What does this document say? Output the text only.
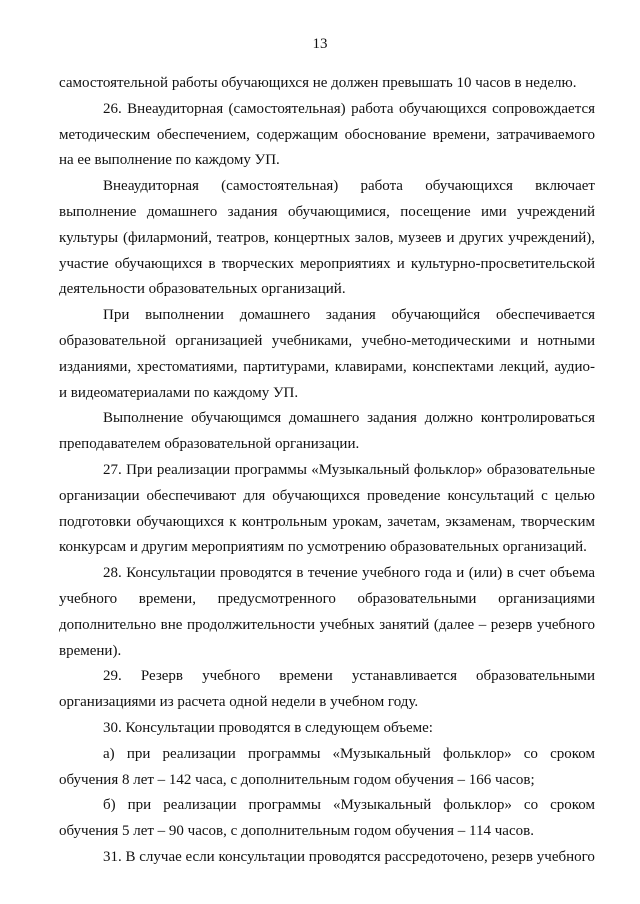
13

самостоятельной работы обучающихся не должен превышать 10 часов в неделю.

26. Внеаудиторная (самостоятельная) работа обучающихся сопровождается методическим обеспечением, содержащим обоснование времени, затрачиваемого на ее выполнение по каждому УП.

Внеаудиторная (самостоятельная) работа обучающихся включает выполнение домашнего задания обучающимися, посещение ими учреждений культуры (филармоний, театров, концертных залов, музеев и других учреждений), участие обучающихся в творческих мероприятиях и культурно-просветительской деятельности образовательных организаций.

При выполнении домашнего задания обучающийся обеспечивается образовательной организацией учебниками, учебно-методическими и нотными изданиями, хрестоматиями, партитурами, клавирами, конспектами лекций, аудио- и видеоматериалами по каждому УП.

Выполнение обучающимся домашнего задания должно контролироваться преподавателем образовательной организации.

27. При реализации программы «Музыкальный фольклор» образовательные организации обеспечивают для обучающихся проведение консультаций с целью подготовки обучающихся к контрольным урокам, зачетам, экзаменам, творческим конкурсам и другим мероприятиям по усмотрению образовательных организаций.

28. Консультации проводятся в течение учебного года и (или) в счет объема учебного времени, предусмотренного образовательными организациями дополнительно вне продолжительности учебных занятий (далее – резерв учебного времени).

29. Резерв учебного времени устанавливается образовательными организациями из расчета одной недели в учебном году.

30. Консультации проводятся в следующем объеме:

а) при реализации программы «Музыкальный фольклор» со сроком обучения 8 лет – 142 часа, с дополнительным годом обучения – 166 часов;

б) при реализации программы «Музыкальный фольклор» со сроком обучения 5 лет – 90 часов, с дополнительным годом обучения – 114 часов.

31. В случае если консультации проводятся рассредоточено, резерв учебного
